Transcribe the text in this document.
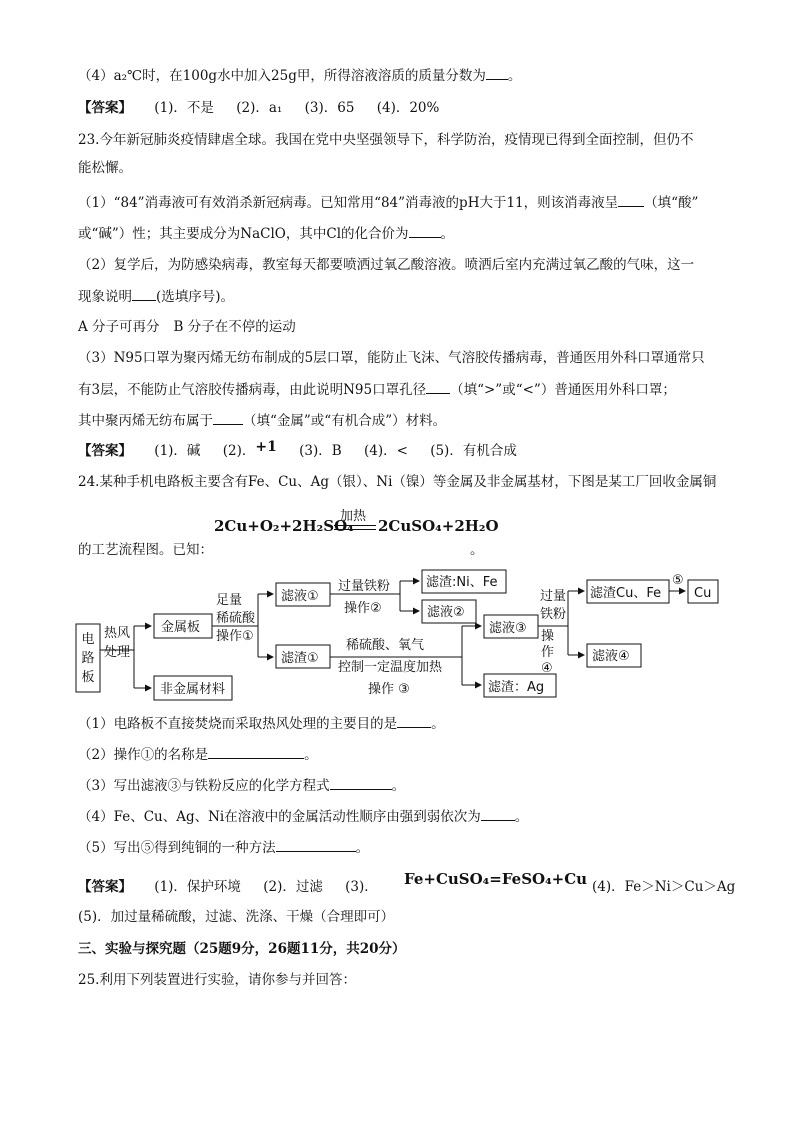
（4）a₂℃时，在100g水中加入25g甲，所得溶液溶质的质量分数为 。
【答案】 (1)．不是 (2)．a₁ (3)．65 (4)．20%
23.今年新冠肺炎疫情肆虐全球。我国在党中央坚强领导下，科学防治，疫情现已得到全面控制，但仍不
能松懈。
（1）“84”消毒液可有效消杀新冠病毒。已知常用“84”消毒液的pH大于11，则该消毒液呈 （填“酸”
或“碱”）性；其主要成分为NaClO，其中Cl的化合价为 。
（2）复学后，为防感染病毒，教室每天都要喷洒过氧乙酸溶液。喷洒后室内充满过氧乙酸的气味，这一
现象说明 (选填序号)。
A 分子可再分 B 分子在不停的运动
（3）N95口罩为聚丙烯无纺布制成的5层口罩，能防止飞沫、气溶胶传播病毒，普通医用外科口罩通常只
有3层，不能防止气溶胶传播病毒，由此说明N95口罩孔径 （填“>”或“<”）普通医用外科口罩；
其中聚丙烯无纺布属于 （填“金属”或“有机合成”）材料。
【答案】 (1)．碱 (2)．+1 (3)．B (4)．< (5)．有机合成
24.某种手机电路板主要含有Fe、Cu、Ag（银）、Ni（镍）等金属及非金属基材，下图是某工厂回收金属铜
2Cu+O₂+2H₂SO₄
加热
2CuSO₄+2H₂O
的工艺流程图。已知：	。
电
路
板
热风
处理
金属板
非金属材料
足量
稀硫酸
操作①
滤液①
滤渣①
过量铁粉
操作②
滤渣:Ni、Fe
滤液②
稀硫酸、氧气
控制一定温度加热
操作 ③
滤液③
滤渣：Ag
过量
铁粉
操
作
④
滤渣Cu、Fe
滤液④
⑤
Cu
（1）电路板不直接焚烧而采取热风处理的主要目的是	。
（2）操作①的名称是	。
（3）写出滤液③与铁粉反应的化学方程式	。
（4）Fe、Cu、Ag、Ni在溶液中的金属活动性顺序由强到弱依次为	。
（5）写出⑤得到纯铜的一种方法	。
【答案】 (1)．保护环境 (2)．过滤 (3)． Fe+CuSO₄=FeSO₄+Cu (4)．Fe＞Ni＞Cu＞Ag
(5)．加过量稀硫酸，过滤、洗涤、干燥（合理即可）
三、实验与探究题（25题9分，26题11分，共20分）
25.利用下列装置进行实验，请你参与并回答：
